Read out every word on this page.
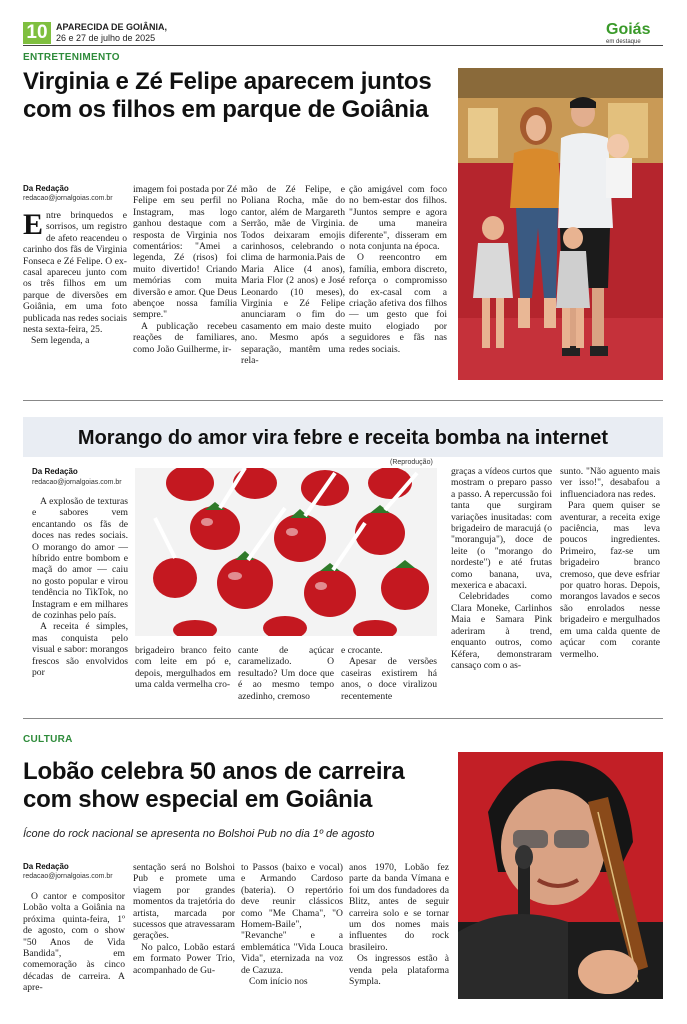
10 APARECIDA DE GOIÂNIA,
26 e 27 de julho de 2025	Goiás
em destaque
ENTRETENIMENTO
Virginia e Zé Felipe aparecem juntos com os filhos em parque de Goiânia
Da Redação
redacao@jornalgoias.com.br
E ntre brinquedos e sorrisos, um registro de afeto reacendeu o carinho dos fãs de Virginia Fonseca e Zé Felipe. O ex-casal apareceu junto com os três filhos em um parque de diversões em Goiânia, em uma foto publicada nas redes sociais nesta sexta-feira, 25.

Sem legenda, a

imagem foi postada por Zé Felipe em seu perfil no Instagram, mas logo ganhou destaque com a resposta de Virginia nos comentários: "Amei a legenda, Zé (risos) foi muito divertido! Criando memórias com muita diversão e amor. Que Deus abençoe nossa família sempre."

A publicação recebeu reações de familiares, como João Guilherme, ir-

mão de Zé Felipe, e Poliana Rocha, mãe do cantor, além de Margareth Serrão, mãe de Virginia. Todos deixaram emojis carinhosos, celebrando o clima de harmonia.Pais de Maria Alice (4 anos), Maria Flor (2 anos) e José Leonardo (10 meses), Virginia e Zé Felipe anunciaram o fim do casamento em maio deste ano. Mesmo após a separação, mantêm uma rela-

ção amigável com foco no bem-estar dos filhos. "Juntos sempre e agora de uma maneira diferente", disseram em nota conjunta na época.

O reencontro em família, embora discreto, reforça o compromisso do ex-casal com a criação afetiva dos filhos — um gesto que foi muito elogiado por seguidores e fãs nas redes sociais.

Morango do amor vira febre e receita bomba na internet
Da Redação
redacao@jornalgoias.com.br
(Reprodução)

A explosão de texturas e sabores vem encantando os fãs de doces nas redes sociais. O morango do amor — híbrido entre bombom e maçã do amor — caiu no gosto popular e virou tendência no TikTok, no Instagram e em milhares de cozinhas pelo país.

A receita é simples, mas conquista pelo visual e sabor: morangos frescos são envolvidos por

brigadeiro branco feito com leite em pó e, depois, mergulhados em uma calda vermelha cro-

cante de açúcar caramelizado. O resultado? Um doce que é ao mesmo tempo azedinho, cremoso

e crocante.

Apesar de versões caseiras existirem há anos, o doce viralizou recentemente

graças a vídeos curtos que mostram o preparo passo a passo. A repercussão foi tanta que surgiram variações inusitadas: com brigadeiro de maracujá (o "moranguja"), doce de leite (o "morango do nordeste") e até frutas como banana, uva, mexerica e abacaxi.

Celebridades como Clara Moneke, Carlinhos Maia e Samara Pink aderiram à trend, enquanto outros, como Kéfera, demonstraram cansaço com o as-

sunto. "Não aguento mais ver isso!", desabafou a influenciadora nas redes.

Para quem quiser se aventurar, a receita exige paciência, mas leva poucos ingredientes. Primeiro, faz-se um brigadeiro branco cremoso, que deve esfriar por quatro horas. Depois, morangos lavados e secos são enrolados nesse brigadeiro e mergulhados em uma calda quente de açúcar com corante vermelho.

CULTURA
Lobão celebra 50 anos de carreira com show especial em Goiânia
Ícone do rock nacional se apresenta no Bolshoi Pub no dia 1º de agosto
Da Redação
redacao@jornalgoias.com.br

O cantor e compositor Lobão volta a Goiânia na próxima quinta-feira, 1º de agosto, com o show "50 Anos de Vida Bandida", em comemoração às cinco décadas de carreira. A apre-

sentação será no Bolshoi Pub e promete uma viagem por grandes momentos da trajetória do artista, marcada por sucessos que atravessaram gerações.

No palco, Lobão estará em formato Power Trio, acompanhado de Gu-

to Passos (baixo e vocal) e Armando Cardoso (bateria). O repertório deve reunir clássicos como "Me Chama", "O Homem-Baile", "Revanche" e a emblemática "Vida Louca Vida", eternizada na voz de Cazuza.

Com início nos

anos 1970, Lobão fez parte da banda Vímana e foi um dos fundadores da Blitz, antes de seguir carreira solo e se tornar um dos nomes mais influentes do rock brasileiro.

Os ingressos estão à venda pela plataforma Sympla.
